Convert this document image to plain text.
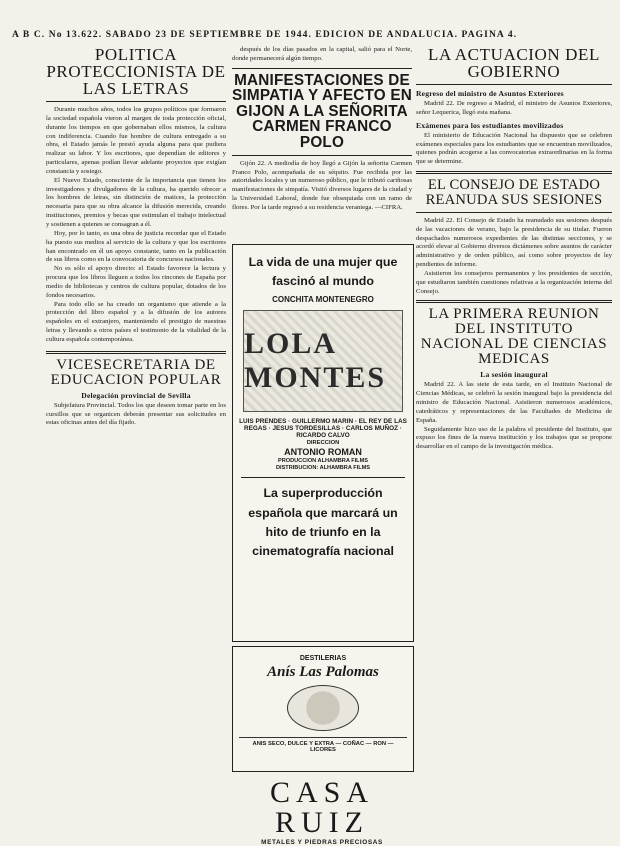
A B C. No 13.622. SABADO 23 DE SEPTIEMBRE DE 1944. EDICION DE ANDALUCIA. PAGINA 4.
POLITICA PROTECCIONISTA DE LAS LETRAS

Durante muchos años, todos los grupos políticos que formaron la sociedad española vieron al margen de toda protección oficial, durante los tiempos en que gobernaban ellos mismos, la cultura con indiferencia. Cuando fue hombre de cultura entregado a su obra, el Estado jamás le prestó ayuda alguna para que pudiera realizar su labor. Y los escritores, que dependían de editores y particulares, apenas podían llevar adelante proyectos que exigían constancia y sosiego.

El Nuevo Estado, consciente de la importancia que tienen los investigadores y divulgadores de la cultura, ha querido ofrecer a los hombres de letras, sin distinción de matices, la protección necesaria para que su obra alcance la difusión merecida, creando instituciones, premios y becas que estimulan el trabajo intelectual y sostienen a quienes se consagran a él.

Hoy, por lo tanto, es una obra de justicia recordar que el Estado ha puesto sus medios al servicio de la cultura y que los escritores han encontrado en él un apoyo constante, tanto en la publicación de sus libros como en la convocatoria de concursos nacionales.

No es sólo el apoyo directo: el Estado favorece la lectura y procura que los libros lleguen a todos los rincones de España por medio de bibliotecas y centros de cultura popular, dotados de los fondos necesarios.

Para todo ello se ha creado un organismo que atiende a la protección del libro español y a la difusión de los autores españoles en el extranjero, manteniendo el prestigio de nuestras letras y llevando a otros países el testimonio de la vitalidad de la cultura española contemporánea.

VICESECRETARIA DE EDUCACION POPULAR
Delegación provincial de Sevilla

Subjefatura Provincial. Todos los que deseen tomar parte en los cursillos que se organicen deberán presentar sus solicitudes en estas oficinas antes del día fijado.

después de los días pasados en la capital, salió para el Norte, donde permanecerá algún tiempo.

MANIFESTACIONES DE SIMPATIA Y AFECTO EN GIJON A LA SEÑORITA CARMEN FRANCO POLO

Gijón 22. A mediodía de hoy llegó a Gijón la señorita Carmen Franco Polo, acompañada de su séquito. Fue recibida por las autoridades locales y un numeroso público, que le tributó cariñosas manifestaciones de simpatía. Visitó diversos lugares de la ciudad y la Universidad Laboral, donde fue obsequiada con un ramo de flores. Por la tarde regresó a su residencia veraniega. —CIFRA.

La vida de una mujer que fascinó al mundo

CONCHITA MONTENEGRO
LOLA MONTES
LUIS PRENDES · GUILLERMO MARIN · EL REY DE LAS REGAS · JESUS TORDESILLAS · CARLOS MUÑOZ · RICARDO CALVO
DIRECCION
ANTONIO ROMAN
PRODUCCION ALHAMBRA FILMS
DISTRIBUCION: ALHAMBRA FILMS

La superproducción española que marcará un hito de triunfo en la cinematografía nacional

DESTILERIAS
Anís Las Palomas
ANIS SECO, DULCE Y EXTRA — COÑAC — RON — LICORES
CASA RUIZ
METALES Y PIEDRAS PRECIOSAS
LA ACTUACION DEL GOBIERNO
Regreso del ministro de Asuntos Exteriores

Madrid 22. De regreso a Madrid, el ministro de Asuntos Exteriores, señor Lequerica, llegó esta mañana.

Exámenes para los estudiantes movilizados

El ministerio de Educación Nacional ha dispuesto que se celebren exámenes especiales para los estudiantes que se encuentran movilizados, quienes podrán acogerse a las convocatorias extraordinarias en la forma que se determine.

EL CONSEJO DE ESTADO REANUDA SUS SESIONES

Madrid 22. El Consejo de Estado ha reanudado sus sesiones después de las vacaciones de verano, bajo la presidencia de su titular. Fueron despachados numerosos expedientes de las distintas secciones, y se acordó elevar al Gobierno diversos dictámenes sobre asuntos de carácter administrativo y de orden público, así como sobre proyectos de ley pendientes de informe.

Asistieron los consejeros permanentes y los presidentes de sección, que estudiaron también cuestiones relativas a la organización interna del Consejo.

LA PRIMERA REUNION DEL INSTITUTO NACIONAL DE CIENCIAS MEDICAS
La sesión inaugural

Madrid 22. A las siete de esta tarde, en el Instituto Nacional de Ciencias Médicas, se celebró la sesión inaugural bajo la presidencia del ministro de Educación Nacional. Asistieron numerosos académicos, catedráticos y representaciones de las Facultades de Medicina de España.

Seguidamente hizo uso de la palabra el presidente del Instituto, que expuso los fines de la nueva institución y los trabajos que se propone desarrollar en el campo de la investigación médica.
